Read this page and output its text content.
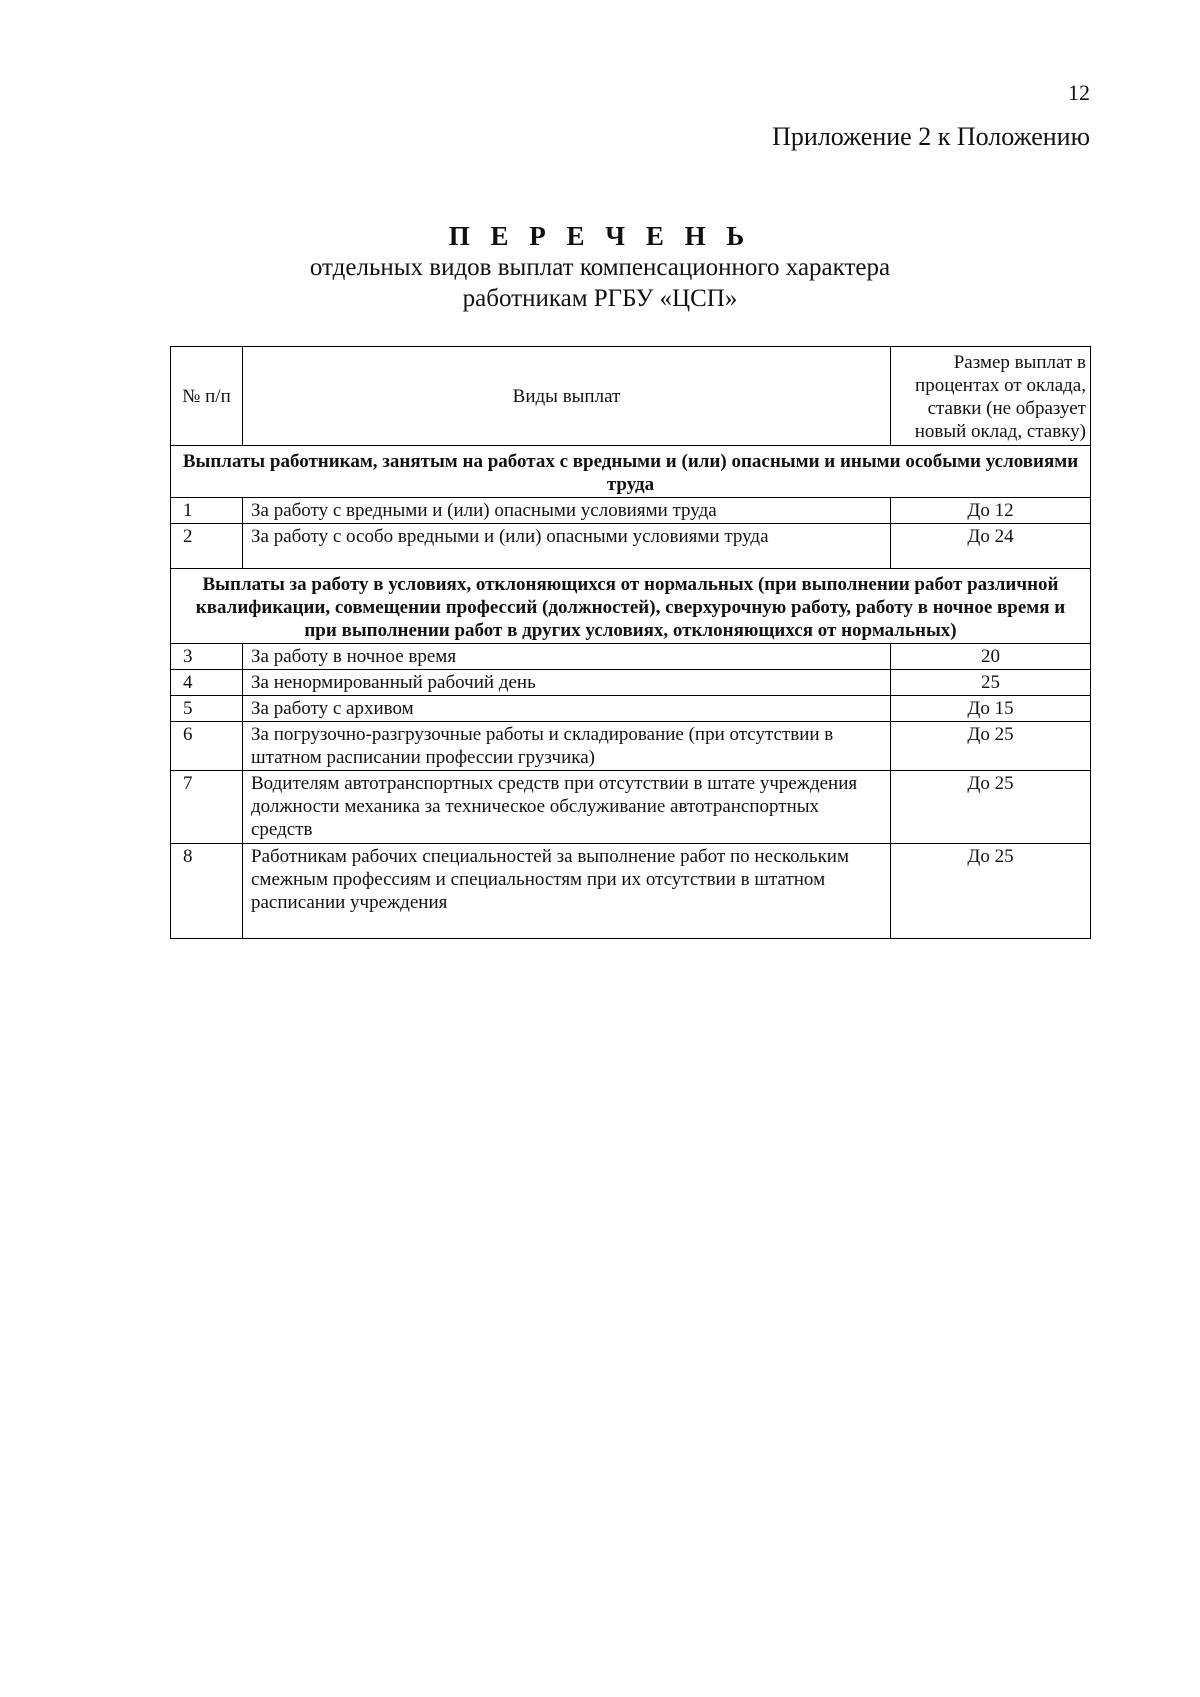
12
Приложение 2 к Положению

П Е Р Е Ч Е Н Ь

отдельных видов выплат компенсационного характера

работникам РГБУ «ЦСП»

№ п/п	Виды выплат	Размер выплат в процентах от оклада, ставки (не образует новый оклад, ставку)
Выплаты работникам, занятым на работах с вредными и (или) опасными и иными особыми условиями труда		
1	За работу с вредными и (или) опасными условиями труда	До 12
2	За работу с особо вредными и (или) опасными условиями труда	До 24
Выплаты за работу в условиях, отклоняющихся от нормальных (при выполнении работ различной квалификации, совмещении профессий (должностей), сверхурочную работу, работу в ночное время и при выполнении работ в других условиях, отклоняющихся от нормальных)		
3	За работу в ночное время	20
4	За ненормированный рабочий день	25
5	За работу с архивом	До 15
6	За погрузочно-разгрузочные работы и складирование (при отсутствии в штатном расписании профессии грузчика)	До 25
7	Водителям автотранспортных средств при отсутствии в штате учреждения должности механика за техническое обслуживание автотранспортных средств	До 25
8	Работникам рабочих специальностей за выполнение работ по нескольким смежным профессиям и специальностям при их отсутствии в штатном расписании учреждения	До 25
